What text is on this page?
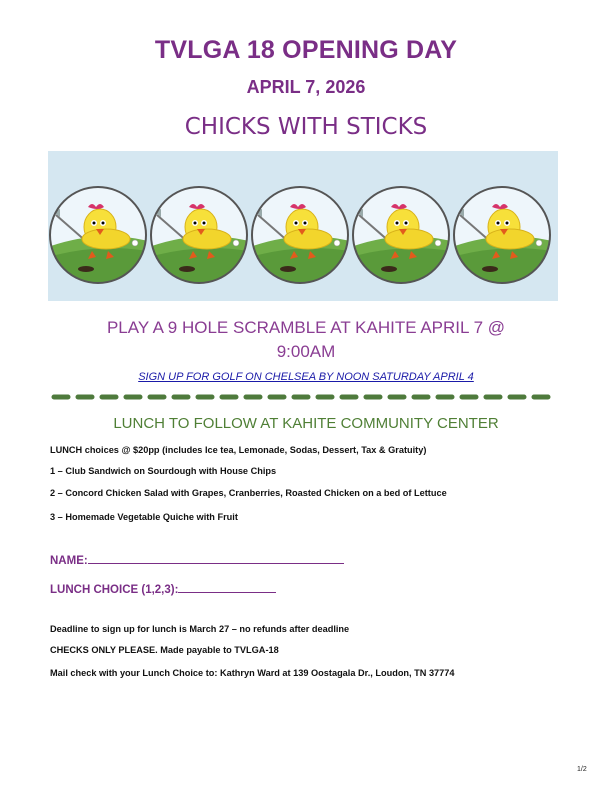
TVLGA 18 OPENING DAY
APRIL 7, 2026
CHICKS WITH STICKS
PLAY A 9 HOLE SCRAMBLE AT KAHITE APRIL 7 @ 9:00AM
SIGN UP FOR GOLF ON CHELSEA BY NOON SATURDAY APRIL 4
LUNCH TO FOLLOW AT KAHITE COMMUNITY CENTER
LUNCH choices @ $20pp (includes Ice tea, Lemonade, Sodas, Dessert, Tax & Gratuity)
1 – Club Sandwich on Sourdough with House Chips
2 – Concord Chicken Salad with Grapes, Cranberries, Roasted Chicken on a bed of Lettuce
3 – Homemade Vegetable Quiche with Fruit
NAME:
LUNCH CHOICE (1,2,3):
Deadline to sign up for lunch is March 27 – no refunds after deadline
CHECKS ONLY PLEASE. Made payable to TVLGA-18
Mail check with your Lunch Choice to: Kathryn Ward at 139 Oostagala Dr., Loudon, TN 37774
1/2
